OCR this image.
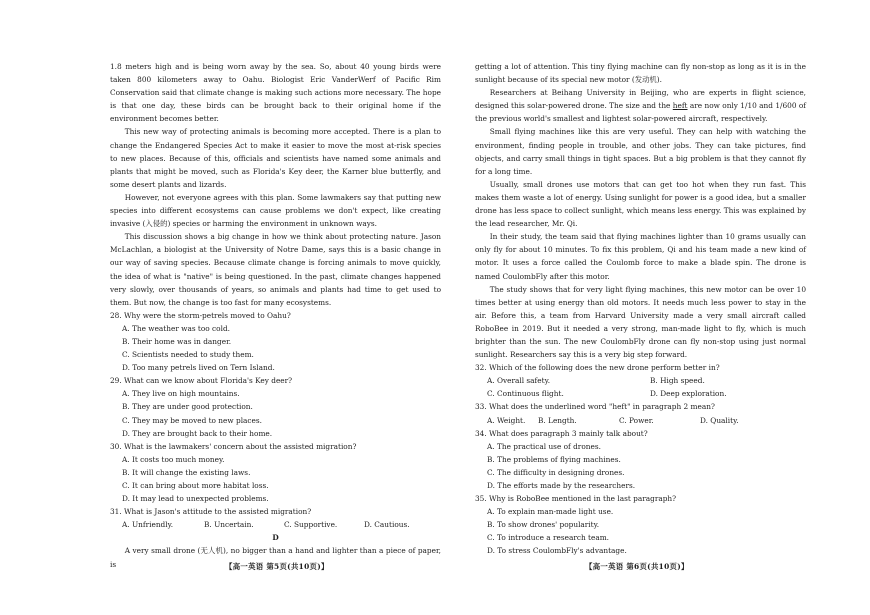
1.8 meters high and is being worn away by the sea. So, about 40 young birds were taken 800 kilometers away to Oahu. Biologist Eric VanderWerf of Pacific Rim Conservation said that climate change is making such actions more necessary. The hope is that one day, these birds can be brought back to their original home if the environment becomes better.

This new way of protecting animals is becoming more accepted. There is a plan to change the Endangered Species Act to make it easier to move the most at-risk species to new places. Because of this, officials and scientists have named some animals and plants that might be moved, such as Florida's Key deer, the Karner blue butterfly, and some desert plants and lizards.

However, not everyone agrees with this plan. Some lawmakers say that putting new species into different ecosystems can cause problems we don't expect, like creating invasive (入侵的) species or harming the environment in unknown ways.

This discussion shows a big change in how we think about protecting nature. Jason McLachlan, a biologist at the University of Notre Dame, says this is a basic change in our way of saving species. Because climate change is forcing animals to move quickly, the idea of what is "native" is being questioned. In the past, climate changes happened very slowly, over thousands of years, so animals and plants had time to get used to them. But now, the change is too fast for many ecosystems.

28. Why were the storm-petrels moved to Oahu?

A. The weather was too cold.

B. Their home was in danger.

C. Scientists needed to study them.

D. Too many petrels lived on Tern Island.

29. What can we know about Florida's Key deer?

A. They live on high mountains.

B. They are under good protection.

C. They may be moved to new places.

D. They are brought back to their home.

30. What is the lawmakers' concern about the assisted migration?

A. It costs too much money.

B. It will change the existing laws.

C. It can bring about more habitat loss.

D. It may lead to unexpected problems.

31. What is Jason's attitude to the assisted migration?

A. Unfriendly.	B. Uncertain.	C. Supportive.	D. Cautious.

D

A very small drone (无人机), no bigger than a hand and lighter than a piece of paper, is

getting a lot of attention. This tiny flying machine can fly non-stop as long as it is in the sunlight because of its special new motor (发动机).

Researchers at Beihang University in Beijing, who are experts in flight science, designed this solar-powered drone. The size and the heft are now only 1/10 and 1/600 of the previous world's smallest and lightest solar-powered aircraft, respectively.

Small flying machines like this are very useful. They can help with watching the environment, finding people in trouble, and other jobs. They can take pictures, find objects, and carry small things in tight spaces. But a big problem is that they cannot fly for a long time.

Usually, small drones use motors that can get too hot when they run fast. This makes them waste a lot of energy. Using sunlight for power is a good idea, but a smaller drone has less space to collect sunlight, which means less energy. This was explained by the lead researcher, Mr. Qi.

In their study, the team said that flying machines lighter than 10 grams usually can only fly for about 10 minutes. To fix this problem, Qi and his team made a new kind of motor. It uses a force called the Coulomb force to make a blade spin. The drone is named CoulombFly after this motor.

The study shows that for very light flying machines, this new motor can be over 10 times better at using energy than old motors. It needs much less power to stay in the air. Before this, a team from Harvard University made a very small aircraft called RoboBee in 2019. But it needed a very strong, man-made light to fly, which is much brighter than the sun. The new CoulombFly drone can fly non-stop using just normal sunlight. Researchers say this is a very big step forward.

32. Which of the following does the new drone perform better in?

A. Overall safety.	B. High speed.
C. Continuous flight.	D. Deep exploration.

33. What does the underlined word "heft" in paragraph 2 mean?

A. Weight.	B. Length.	C. Power.	D. Quality.

34. What does paragraph 3 mainly talk about?

A. The practical use of drones.

B. The problems of flying machines.

C. The difficulty in designing drones.

D. The efforts made by the researchers.

35. Why is RoboBee mentioned in the last paragraph?

A. To explain man-made light use.

B. To show drones' popularity.

C. To introduce a research team.

D. To stress CoulombFly's advantage.

【高一英语 第5页(共10页)】	【高一英语 第6页(共10页)】
